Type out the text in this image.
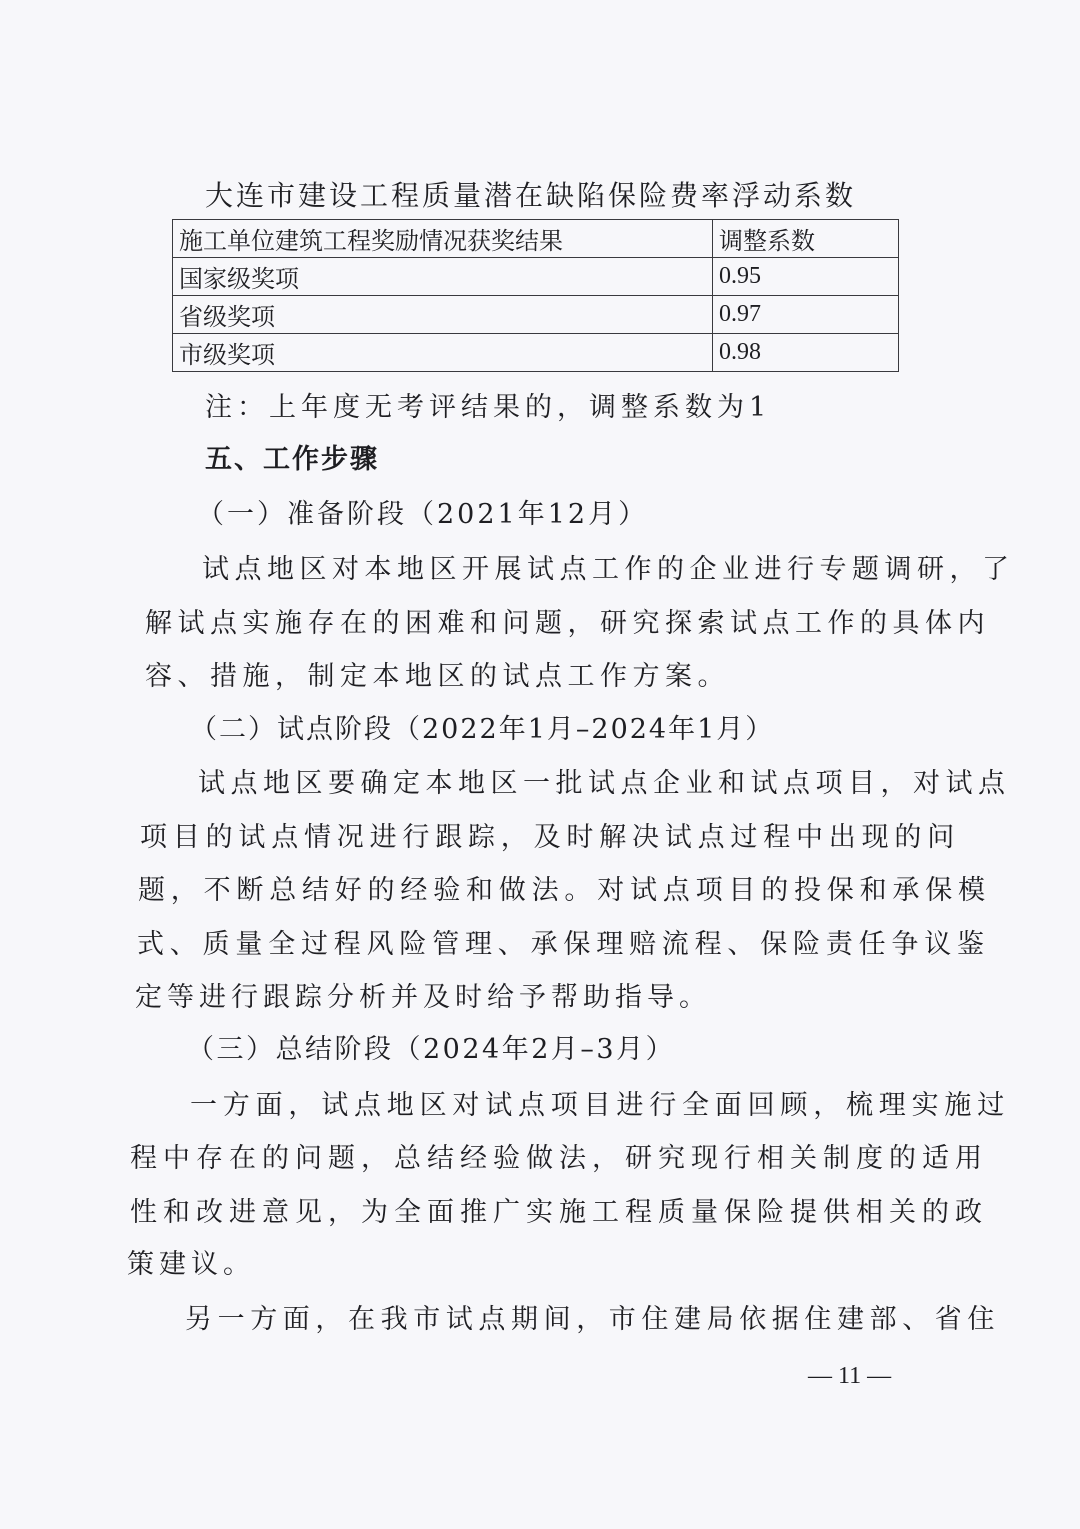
大连市建设工程质量潜在缺陷保险费率浮动系数
施工单位建筑工程奖励情况获奖结果	调整系数
国家级奖项	0.95
省级奖项	0.97
市级奖项	0.98
注：上年度无考评结果的，调整系数为1
五、工作步骤
（一）准备阶段（2021年12月）
试点地区对本地区开展试点工作的企业进行专题调研，了
解试点实施存在的困难和问题，研究探索试点工作的具体内
容、措施，制定本地区的试点工作方案。
（二）试点阶段（2022年1月–2024年1月）
试点地区要确定本地区一批试点企业和试点项目，对试点
项目的试点情况进行跟踪，及时解决试点过程中出现的问
题，不断总结好的经验和做法。对试点项目的投保和承保模
式、质量全过程风险管理、承保理赔流程、保险责任争议鉴
定等进行跟踪分析并及时给予帮助指导。
（三）总结阶段（2024年2月–3月）
一方面，试点地区对试点项目进行全面回顾，梳理实施过
程中存在的问题，总结经验做法，研究现行相关制度的适用
性和改进意见，为全面推广实施工程质量保险提供相关的政
策建议。
另一方面，在我市试点期间，市住建局依据住建部、省住
— 11 —
